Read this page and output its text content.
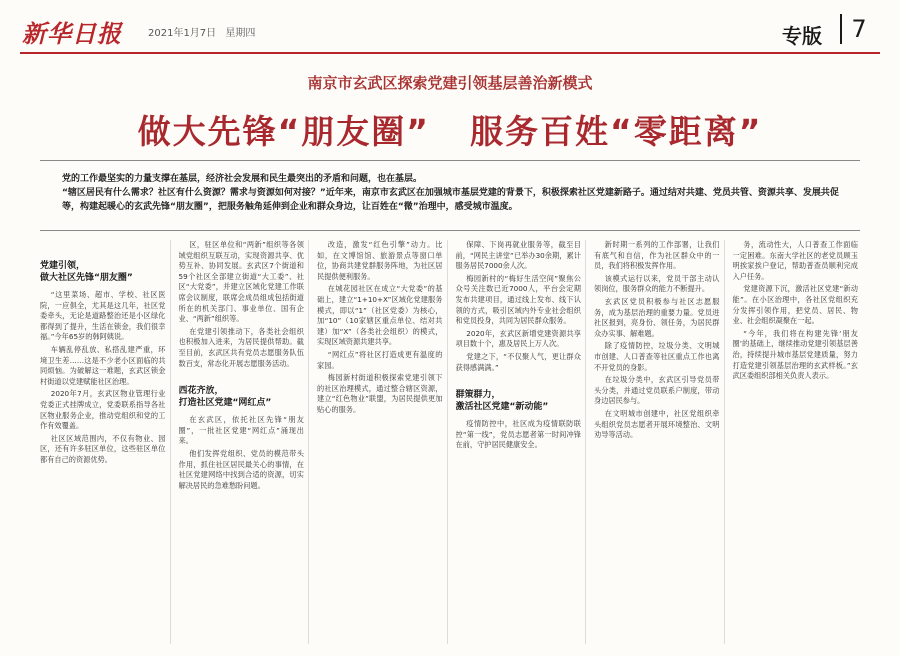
新华日报	2021年1月7日 星期四	专版	7
南京市玄武区探索党建引领基层善治新模式
做大先锋“朋友圈” 服务百姓“零距离”

党的工作最坚实的力量支撑在基层，经济社会发展和民生最突出的矛盾和问题，也在基层。

“辖区居民有什么需求？社区有什么资源？需求与资源如何对接？”近年来，南京市玄武区在加强城市基层党建的背景下，积极探索社区党建新路子。通过结对共建、党员共管、资源共享、发展共促等，构建起暖心的玄武先锋“朋友圈”，把服务触角延伸到企业和群众身边，让百姓在“微”治理中，感受城市温度。

党建引领，
做大社区先锋“朋友圈”

“这里菜场、超市、学校、社区医院，一应俱全，尤其是这几年，社区党委牵头，无论是道路整治还是小区绿化都得到了提升，生活在锁金，我们很幸福。”今年65岁的韩阿姨说。

车辆乱停乱放、私搭乱建严重，环境卫生差……这是不少老小区面临的共同烦恼。为破解这一难题，玄武区锁金村街道以党建赋能社区治理。

2020年7月，玄武区物业管理行业党委正式挂牌成立，党委联系指导各社区物业服务企业，推动党组织和党的工作有效覆盖。

社区区域范围内，不仅有物业、园区，还有许多驻区单位，这些驻区单位都有自己的资源优势。

区，驻区单位和“两新”组织等各领域党组织互联互动，实现资源共享、优势互补、协同发展。玄武区7个街道和59个社区全部建立街道“大工委”、社区“大党委”，并建立区域化党建工作联席会议制度，联席会成员组成包括街道所在的机关部门、事业单位、国有企业、“两新”组织等。

在党建引领推动下，各类社会组织也积极加入进来，为居民提供帮助。截至目前，玄武区共有党员志愿服务队伍数百支，常态化开展志愿服务活动。

西花齐放，
打造社区党建“网红点”

在玄武区，依托社区先锋“朋友圈”，一批社区党建“网红点”涌现出来。

他们发挥党组织、党员的模范带头作用，抓住社区居民最关心的事情，在社区党建网络中找到合适的资源，切实解决居民的急难愁盼问题。

改造，激发“红色引擎”动力。比如，在文博馆馆、旅游景点等窗口单位，协商共建党群服务阵地，为社区居民提供便利服务。

在城花园社区在成立“大党委”的基础上，建立“1+10+X”区域化党建服务模式，即以“1”（社区党委）为核心，加“10”（10家辖区重点单位、结对共建）加“X”（各类社会组织）的模式，实现区域资源共建共享。

“网红点”将社区打造成更有温度的家园。

梅园新村街道积极探索党建引领下的社区治理模式，通过整合辖区资源，建立“红色物业”联盟，为居民提供更加贴心的服务。

保障、下岗再就业服务等，截至目前，“网民主讲堂”已举办30余期，累计服务居民7000余人次。

梅园新村的“梅好生活空间”聚焦公众号关注数已近7000人，平台会定期发布共建项目，通过线上发布、线下认领的方式，吸引区域内外专业社会组织和党员投身，共同为居民群众服务。

2020年，玄武区新增党建资源共享项目数十个，惠及居民上万人次。

党建之下，“不仅聚人气，更让群众获得感满满。”

群策群力，
激活社区党建“新动能”

疫情防控中，社区成为疫情联防联控“第一线”，党员志愿者第一时间冲锋在前，守护居民健康安全。

新时期一系列的工作部署，让我们有底气和自信，作为社区群众中的一员，我们将积极发挥作用。

该模式运行以来，党员干部主动认领岗位，服务群众的能力不断提升。

玄武区党员积极参与社区志愿服务，成为基层治理的重要力量。党员进社区报到，亮身份、领任务，为居民群众办实事、解难题。

除了疫情防控，垃圾分类、文明城市创建、人口普查等社区重点工作也离不开党员的身影。

在垃圾分类中，玄武区引导党员带头分类，并通过党员联系户制度，带动身边居民参与。

在文明城市创建中，社区党组织牵头组织党员志愿者开展环境整治、文明劝导等活动。

务，流动性大，人口普查工作面临一定困难。东南大学社区的老党员顾玉明挨家挨户登记，帮助普查员顺利完成入户任务。

党建资源下沉，激活社区党建“新动能”。在小区治理中，各社区党组织充分发挥引领作用，把党员、居民、物业、社会组织凝聚在一起。

“今年，我们将在构建先锋‘朋友圈’的基础上，继续推动党建引领基层善治，持续提升城市基层党建质量，努力打造党建引领基层治理的玄武样板。”玄武区委组织部相关负责人表示。
